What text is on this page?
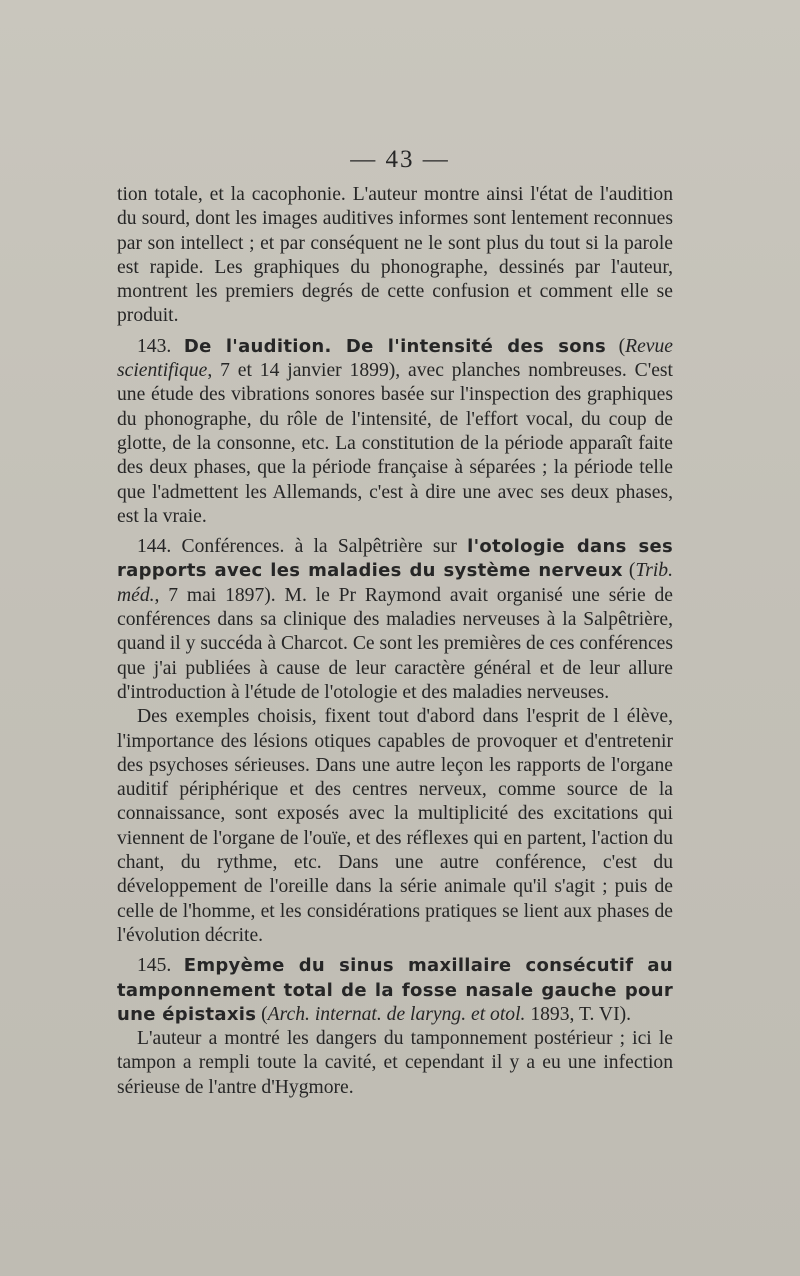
— 43 —

tion totale, et la cacophonie. L'auteur montre ainsi l'état de l'audition du sourd, dont les images auditives informes sont lentement reconnues par son intellect ; et par conséquent ne le sont plus du tout si la parole est rapide. Les graphiques du phonographe, dessinés par l'auteur, montrent les premiers degrés de cette confusion et comment elle se produit.

143. De l'audition. De l'intensité des sons (Revue scientifique, 7 et 14 janvier 1899), avec planches nombreuses. C'est une étude des vibrations sonores basée sur l'inspection des graphiques du phonographe, du rôle de l'intensité, de l'effort vocal, du coup de glotte, de la consonne, etc. La constitution de la période apparaît faite des deux phases, que la période française à séparées ; la période telle que l'admettent les Allemands, c'est à dire une avec ses deux phases, est la vraie.

144. Conférences. à la Salpêtrière sur l'otologie dans ses rapports avec les maladies du système nerveux (Trib. méd., 7 mai 1897). M. le Pr Raymond avait organisé une série de conférences dans sa clinique des maladies nerveuses à la Salpêtrière, quand il y succéda à Charcot. Ce sont les premières de ces conférences que j'ai publiées à cause de leur caractère général et de leur allure d'introduction à l'étude de l'otologie et des maladies nerveuses.

Des exemples choisis, fixent tout d'abord dans l'esprit de l élève, l'importance des lésions otiques capables de provoquer et d'entretenir des psychoses sérieuses. Dans une autre leçon les rapports de l'organe auditif périphérique et des centres nerveux, comme source de la connaissance, sont exposés avec la multiplicité des excitations qui viennent de l'organe de l'ouïe, et des réflexes qui en partent, l'action du chant, du rythme, etc. Dans une autre conférence, c'est du développement de l'oreille dans la série animale qu'il s'agit ; puis de celle de l'homme, et les considérations pratiques se lient aux phases de l'évolution décrite.

145. Empyème du sinus maxillaire consécutif au tamponnement total de la fosse nasale gauche pour une épistaxis (Arch. internat. de laryng. et otol. 1893, T. VI).

L'auteur a montré les dangers du tamponnement postérieur ; ici le tampon a rempli toute la cavité, et cependant il y a eu une infection sérieuse de l'antre d'Hygmore.
